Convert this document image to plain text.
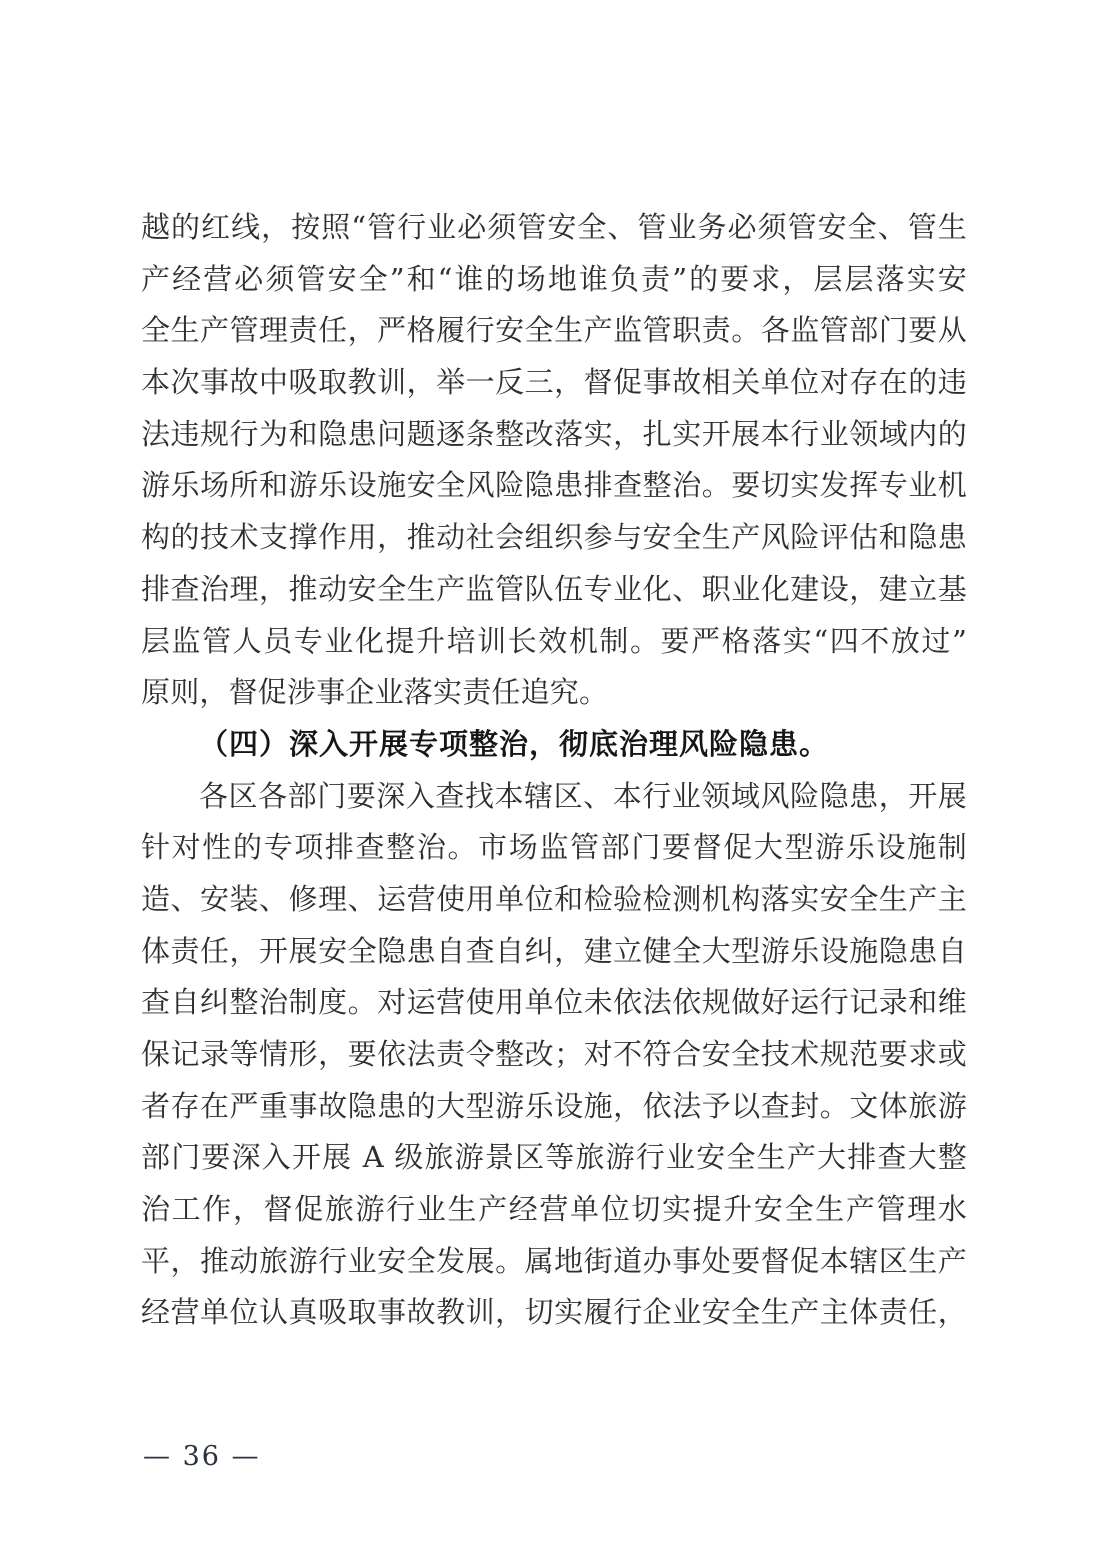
越的红线，按照“管行业必须管安全、管业务必须管安全、管生
产经营必须管安全”和“谁的场地谁负责”的要求，层层落实安
全生产管理责任，严格履行安全生产监管职责。各监管部门要从
本次事故中吸取教训，举一反三，督促事故相关单位对存在的违
法违规行为和隐患问题逐条整改落实，扎实开展本行业领域内的
游乐场所和游乐设施安全风险隐患排查整治。要切实发挥专业机
构的技术支撑作用，推动社会组织参与安全生产风险评估和隐患
排查治理，推动安全生产监管队伍专业化、职业化建设，建立基
层监管人员专业化提升培训长效机制。要严格落实“四不放过”
原则，督促涉事企业落实责任追究。
（四）深入开展专项整治，彻底治理风险隐患。
各区各部门要深入查找本辖区、本行业领域风险隐患，开展
针对性的专项排查整治。市场监管部门要督促大型游乐设施制
造、安装、修理、运营使用单位和检验检测机构落实安全生产主
体责任，开展安全隐患自查自纠，建立健全大型游乐设施隐患自
查自纠整治制度。对运营使用单位未依法依规做好运行记录和维
保记录等情形，要依法责令整改；对不符合安全技术规范要求或
者存在严重事故隐患的大型游乐设施，依法予以查封。文体旅游
部门要深入开展 A 级旅游景区等旅游行业安全生产大排查大整
治工作，督促旅游行业生产经营单位切实提升安全生产管理水
平，推动旅游行业安全发展。属地街道办事处要督促本辖区生产
经营单位认真吸取事故教训，切实履行企业安全生产主体责任，
— 36 —
